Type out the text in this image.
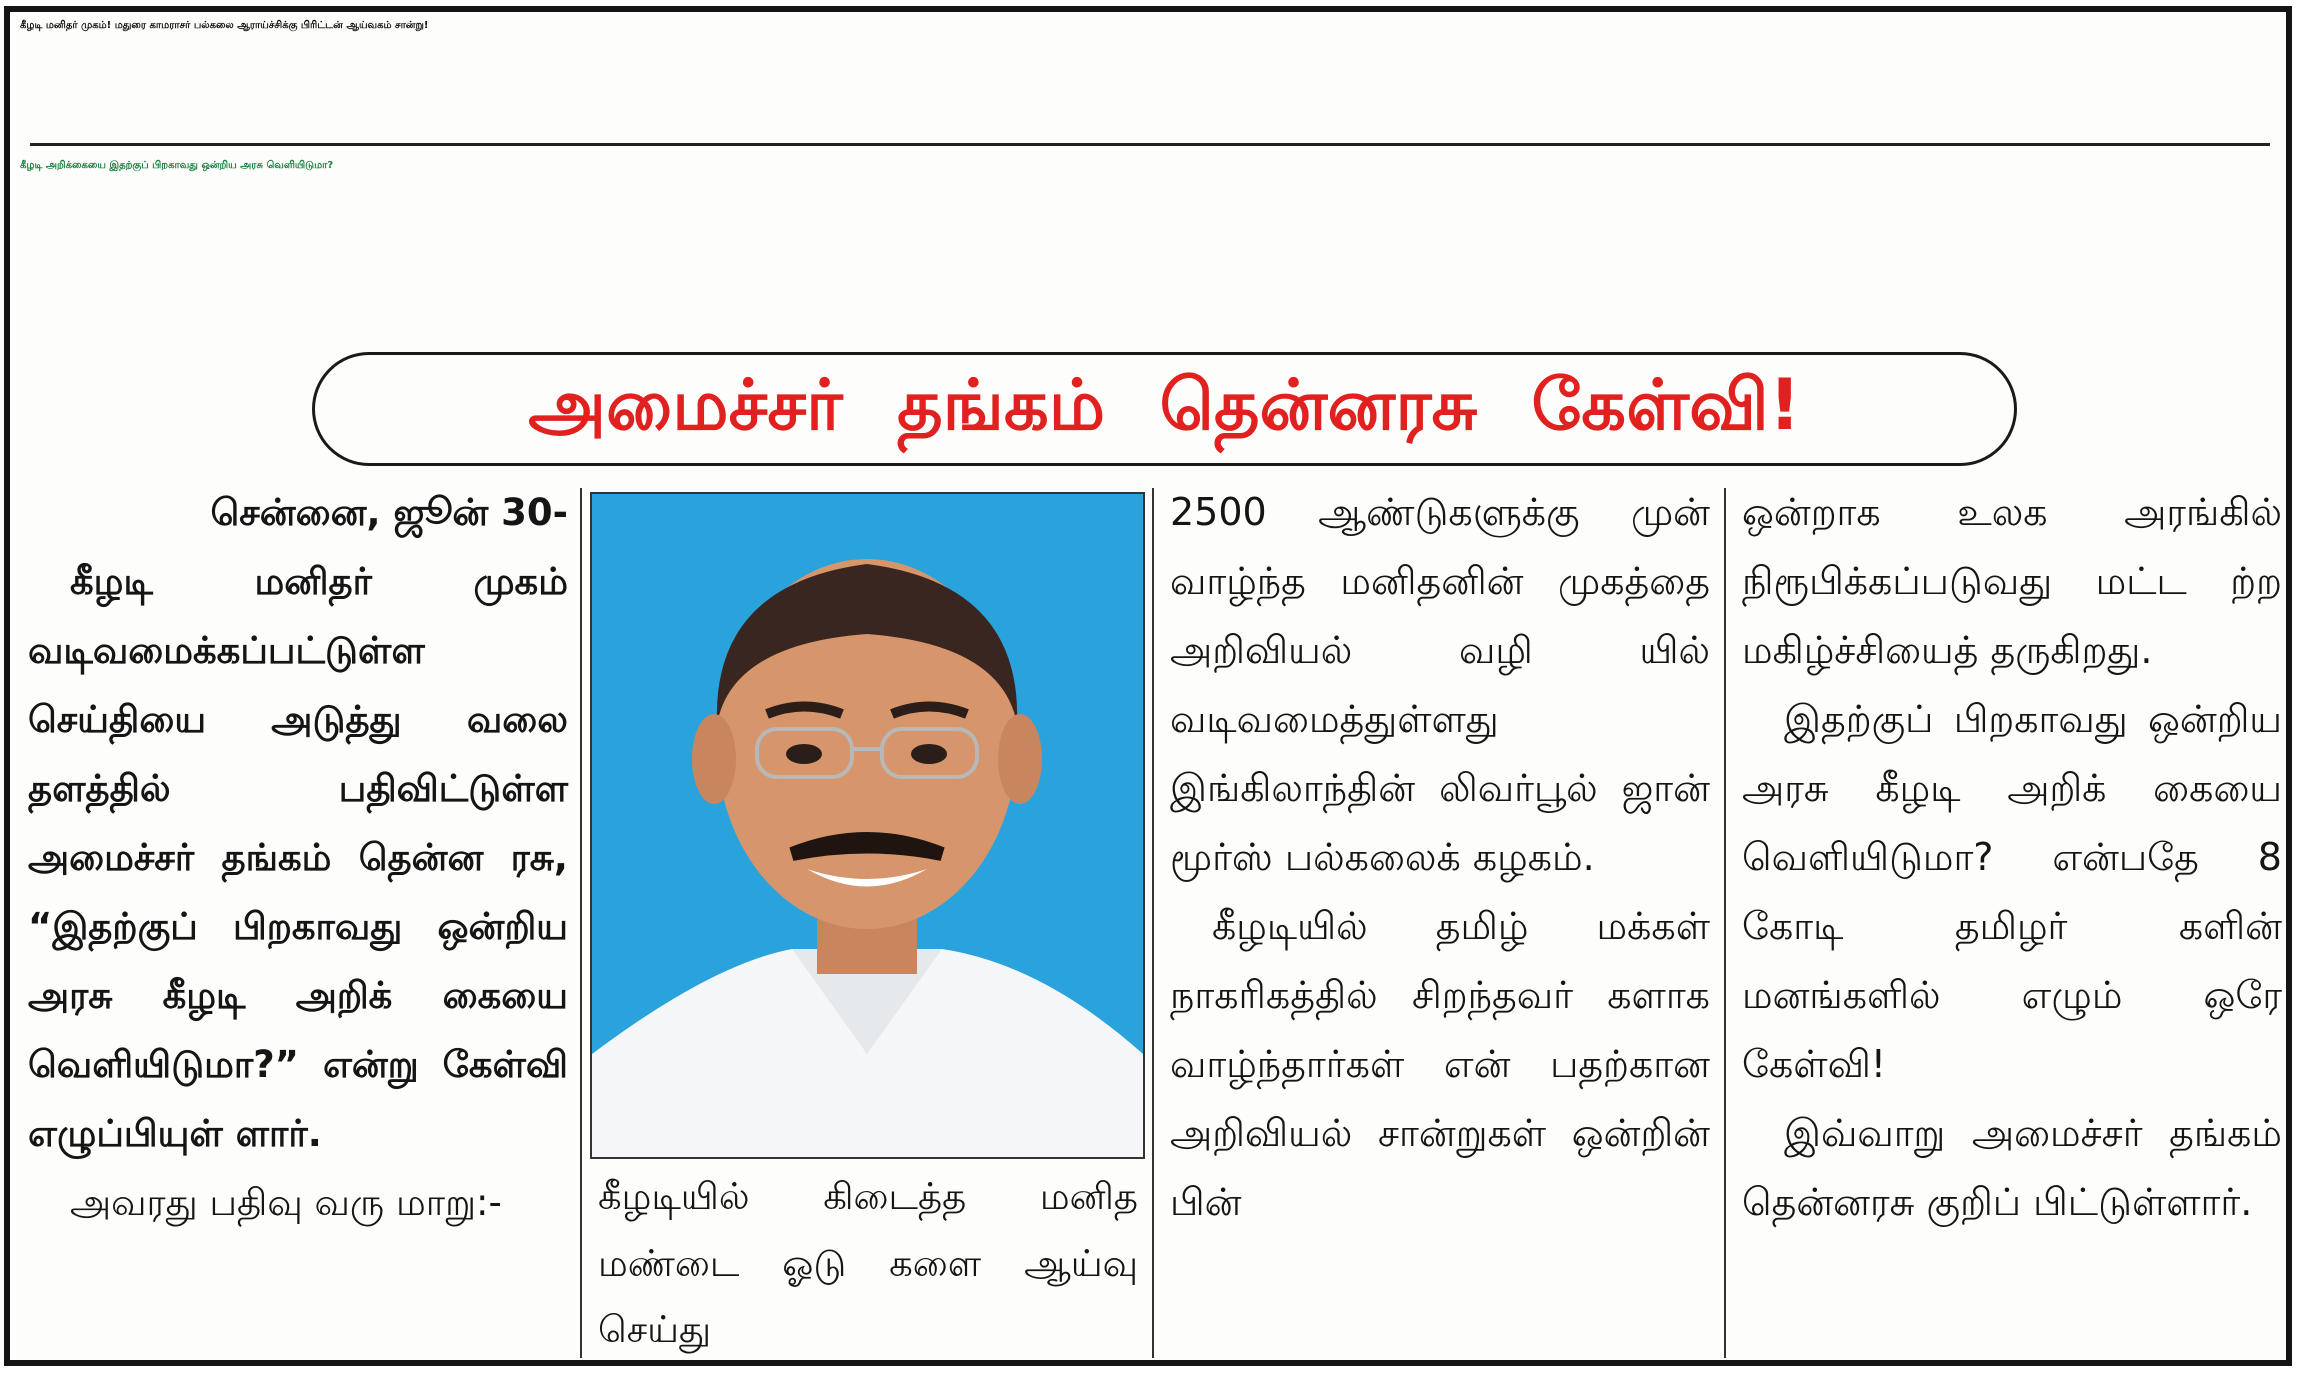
கீழடி மனிதர் முகம்! மதுரை காமராசர் பல்கலை ஆராய்ச்சிக்கு பிரிட்டன் ஆய்வகம் சான்று!
கீழடி அறிக்கையை இதற்குப் பிறகாவது ஒன்றிய அரசு வெளியிடுமா?
அமைச்சர் தங்கம் தென்னரசு கேள்வி!
சென்னை, ஜூன் 30-

கீழடி மனிதர் முகம் வடிவமைக்கப்பட்டுள்ள செய்தியை அடுத்து வலை தளத்தில் பதிவிட்டுள்ள அமைச்சர் தங்கம் தென்ன ரசு, “இதற்குப் பிறகாவது ஒன்றிய அரசு கீழடி அறிக் கையை வெளியிடுமா?” என்று கேள்வி எழுப்பியுள் ளார்.

அவரது பதிவு வரு மாறு:-	கீழடியில் கிடைத்த மனித மண்டை ஓடு களை ஆய்வு செய்து

2500 ஆண்டுகளுக்கு முன் வாழ்ந்த மனிதனின் முகத்தை அறிவியல் வழி யில் வடிவமைத்துள்ளது இங்கிலாந்தின் லிவர்பூல் ஜான் மூர்ஸ் பல்கலைக் கழகம்.

கீழடியில் தமிழ் மக்கள் நாகரிகத்தில் சிறந்தவர் களாக வாழ்ந்தார்கள் என் பதற்கான அறிவியல் சான்றுகள் ஒன்றின் பின்

ஒன்றாக உலக அரங்கில் நிரூபிக்கப்படுவது மட்ட ற்ற மகிழ்ச்சியைத் தருகிறது.

இதற்குப் பிறகாவது ஒன்றிய அரசு கீழடி அறிக் கையை வெளியிடுமா? என்பதே 8 கோடி தமிழர் களின் மனங்களில் எழும் ஒரே கேள்வி!

இவ்வாறு அமைச்சர் தங்கம் தென்னரசு குறிப் பிட்டுள்ளார்.
